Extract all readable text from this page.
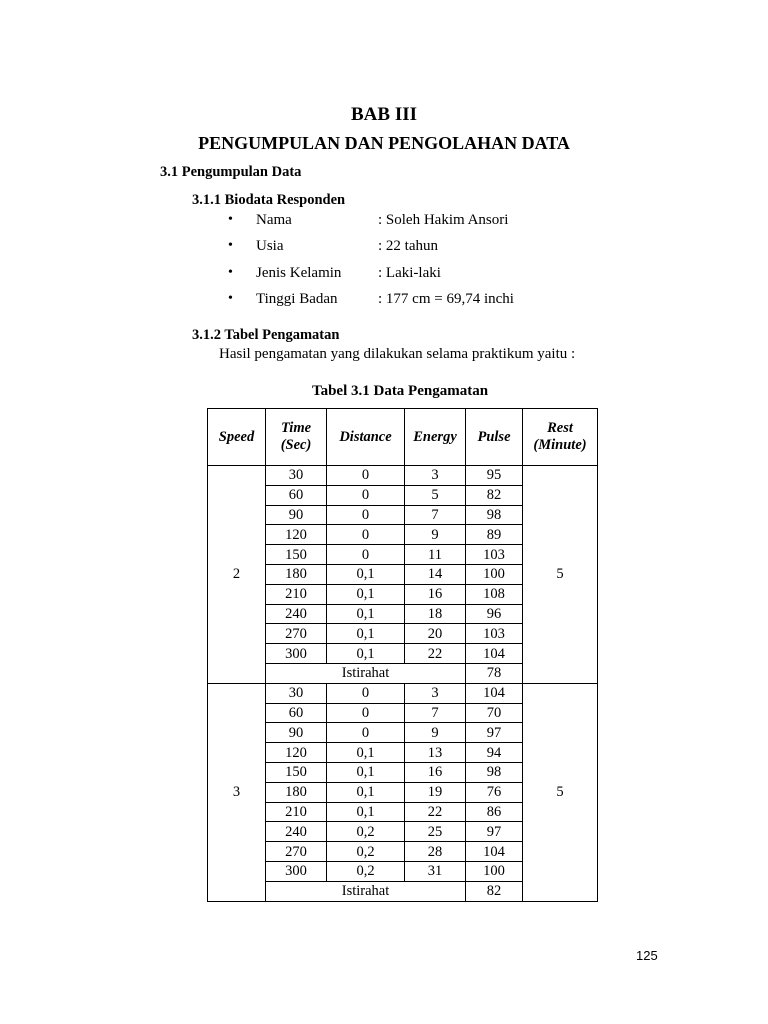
BAB III
PENGUMPULAN DAN PENGOLAHAN DATA
3.1 Pengumpulan Data
3.1.1 Biodata Responden
• Nama	: Soleh Hakim Ansori
• Usia	: 22 tahun
• Jenis Kelamin : Laki-laki
• Tinggi Badan	: 177 cm = 69,74 inchi
3.1.2 Tabel Pengamatan
Hasil pengamatan yang dilakukan selama praktikum yaitu :
Tabel 3.1 Data Pengamatan
Speed	Time
(Sec)	Distance	Energy	Pulse	Rest
(Minute)
2	30	0	3	95	5
	60	0	5	82	
	90	0	7	98	
	120	0	9	89	
	150	0	11	103	
	180	0,1	14	100	
	210	0,1	16	108	
	240	0,1	18	96	
	270	0,1	20	103	
	300	0,1	22	104	
	Istirahat			78	
3	30	0	3	104	5
	60	0	7	70	
	90	0	9	97	
	120	0,1	13	94	
	150	0,1	16	98	
	180	0,1	19	76	
	210	0,1	22	86	
	240	0,2	25	97	
	270	0,2	28	104	
	300	0,2	31	100	
	Istirahat			82	
125
